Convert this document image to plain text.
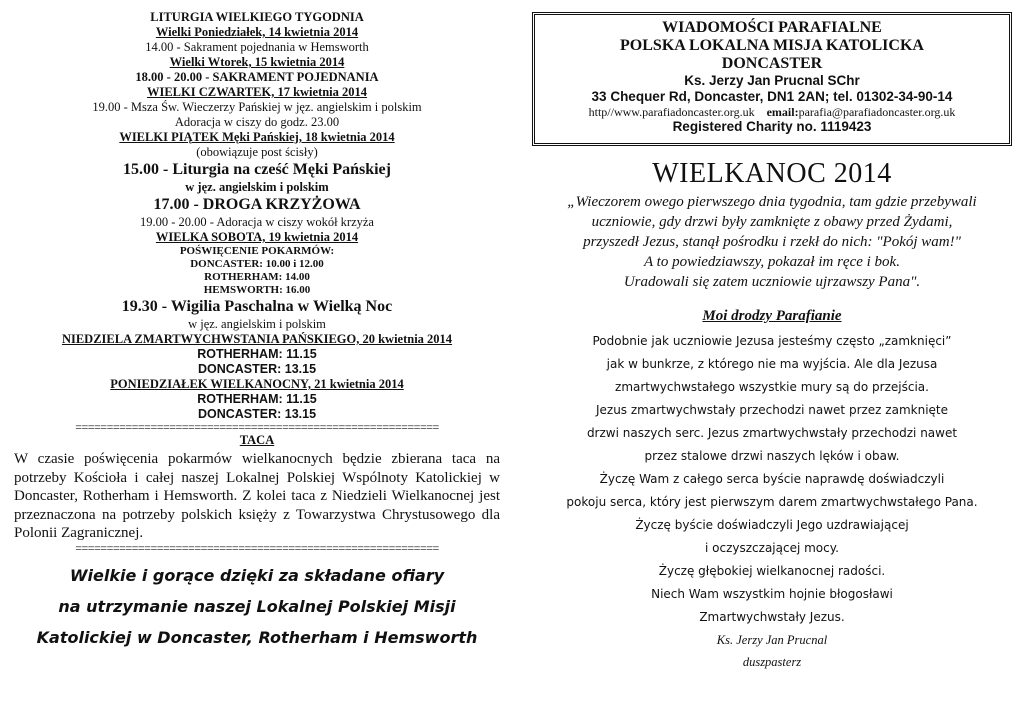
LITURGIA WIELKIEGO TYGODNIA
Wielki Poniedziałek, 14 kwietnia 2014
14.00 - Sakrament pojednania w Hemsworth
Wielki Wtorek, 15 kwietnia 2014
18.00 - 20.00 - SAKRAMENT POJEDNANIA
WIELKI CZWARTEK, 17 kwietnia 2014
19.00 - Msza Św. Wieczerzy Pańskiej w jęz. angielskim i polskim
Adoracja w ciszy do godz. 23.00
WIELKI PIĄTEK Męki Pańskiej, 18 kwietnia 2014
(obowiązuje post ścisły)
15.00 - Liturgia na cześć Męki Pańskiej
w jęz. angielskim i polskim
17.00 - DROGA KRZYŻOWA
19.00 - 20.00 - Adoracja w ciszy wokół krzyża
WIELKA SOBOTA, 19 kwietnia 2014
POŚWIĘCENIE POKARMÓW:
DONCASTER: 10.00 i 12.00
ROTHERHAM: 14.00
HEMSWORTH: 16.00
19.30 - Wigilia Paschalna w Wielką Noc
w jęz. angielskim i polskim
NIEDZIELA ZMARTWYCHWSTANIA PAŃSKIEGO, 20 kwietnia 2014
ROTHERHAM: 11.15
DONCASTER: 13.15
PONIEDZIAŁEK WIELKANOCNY, 21 kwietnia 2014
ROTHERHAM: 11.15
DONCASTER: 13.15
==========================================================
TACA

W czasie poświęcenia pokarmów wielkanocnych będzie zbierana taca na potrzeby Kościoła i całej naszej Lokalnej Polskiej Wspólnoty Katolickiej w Doncaster, Rotherham i Hemsworth. Z kolei taca z Niedzieli Wielkanocnej jest przeznaczona na potrzeby polskich księży z Towarzystwa Chrystusowego dla Polonii Zagranicznej.

==========================================================
Wielkie i gorące dzięki za składane ofiary
na utrzymanie naszej Lokalnej Polskiej Misji
Katolickiej w Doncaster, Rotherham i Hemsworth
WIADOMOŚCI PARAFIALNE
POLSKA LOKALNA MISJA KATOLICKA
DONCASTER
Ks. Jerzy Jan Prucnal SChr
33 Chequer Rd, Doncaster, DN1 2AN; tel. 01302-34-90-14
http//www.parafiadoncaster.org.uk email:parafia@parafiadoncaster.org.uk
Registered Charity no. 1119423
WIELKANOC 2014
„Wieczorem owego pierwszego dnia tygodnia, tam gdzie przebywali
uczniowie, gdy drzwi były zamknięte z obawy przed Żydami,
przyszedł Jezus, stanął pośrodku i rzekł do nich: "Pokój wam!"
A to powiedziawszy, pokazał im ręce i bok.
Uradowali się zatem uczniowie ujrzawszy Pana".
Moi drodzy Parafianie
Podobnie jak uczniowie Jezusa jesteśmy często „zamknięci”
jak w bunkrze, z którego nie ma wyjścia. Ale dla Jezusa
zmartwychwstałego wszystkie mury są do przejścia.
Jezus zmartwychwstały przechodzi nawet przez zamknięte
drzwi naszych serc. Jezus zmartwychwstały przechodzi nawet
przez stalowe drzwi naszych lęków i obaw.
Życzę Wam z całego serca byście naprawdę doświadczyli
pokoju serca, który jest pierwszym darem zmartwychwstałego Pana.
Życzę byście doświadczyli Jego uzdrawiającej
i oczyszczającej mocy.
Życzę głębokiej wielkanocnej radości.
Niech Wam wszystkim hojnie błogosławi
Zmartwychwstały Jezus.
Ks. Jerzy Jan Prucnal
duszpasterz
